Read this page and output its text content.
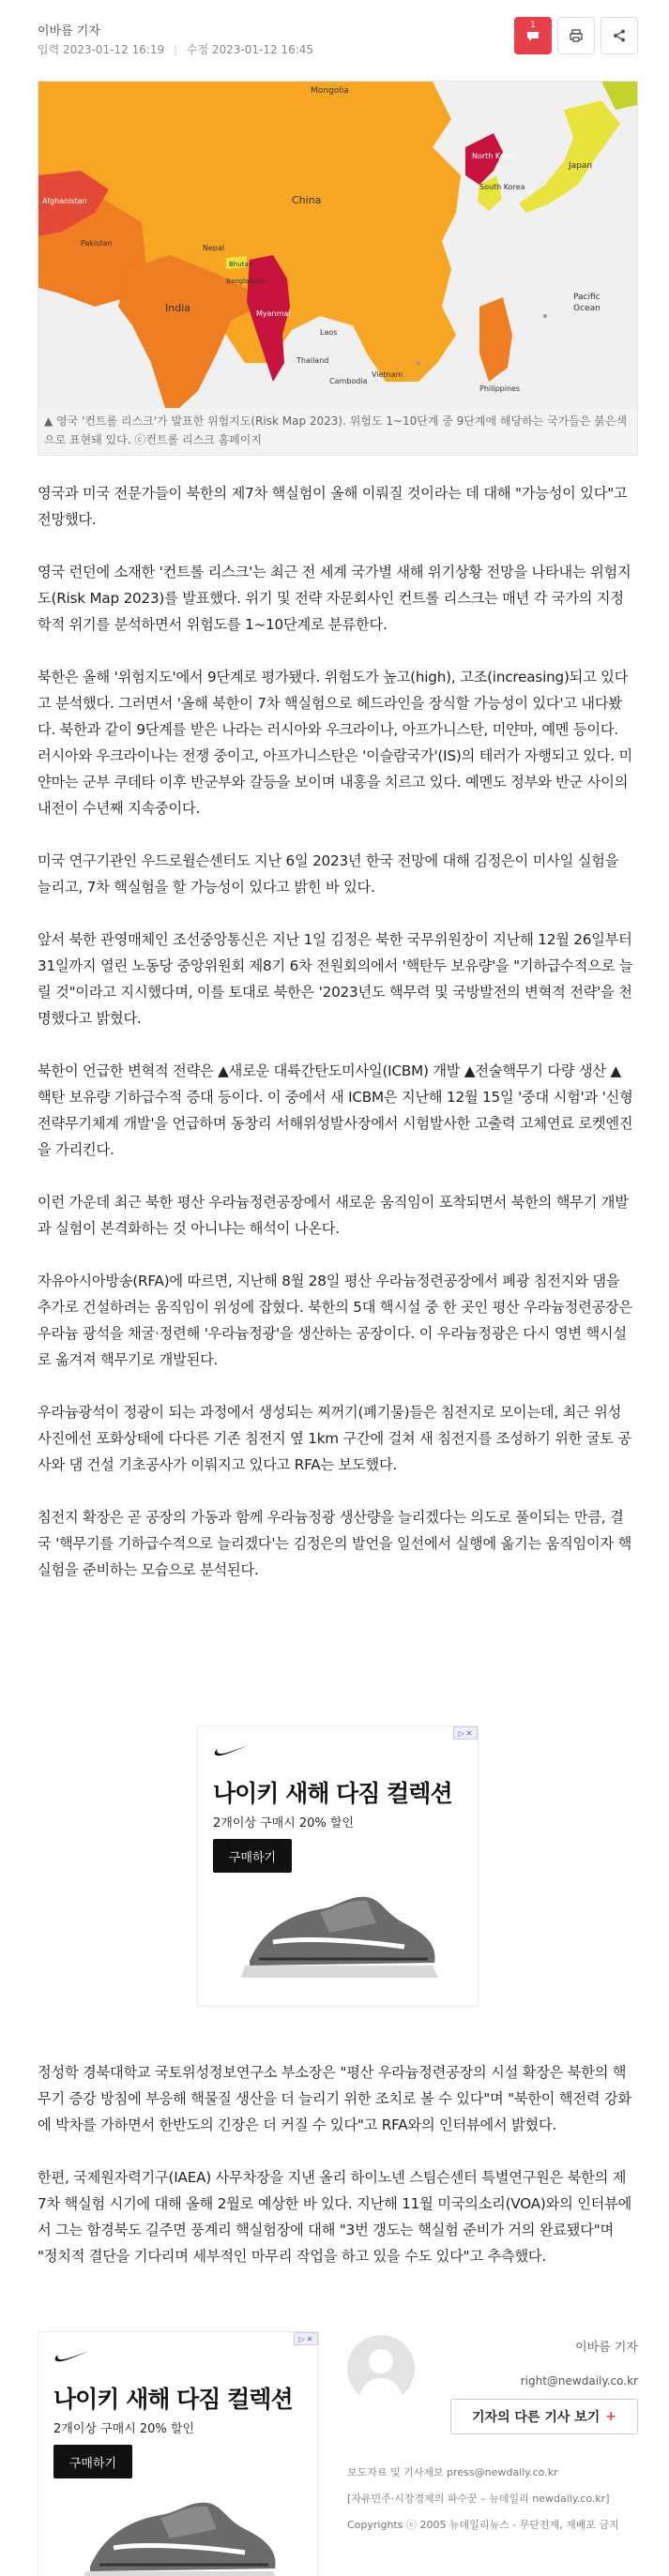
이바름 기자
입력 2023-01-12 16:19 | 수정 2023-01-12 16:45
1
Mongolia
China
North Korea
South Korea
Japan
Afghanistan
Pakistan
Nepal
Bhutan
Bangladesh
India	Myanmar
Laos
Thailand
Cambodia
Vietnam
Philippines
Pacific
Ocean
▲ 영국 '컨트롤 리스크'가 발표한 위험지도(Risk Map 2023). 위험도 1~10단계 중 9단계에 해당하는 국가들은 붉은색으로 표현돼 있다. ⓒ컨트롤 리스크 홈페이지

영국과 미국 전문가들이 북한의 제7차 핵실험이 올해 이뤄질 것이라는 데 대해 "가능성이 있다"고 전망했다.

영국 런던에 소재한 '컨트롤 리스크'는 최근 전 세계 국가별 새해 위기상황 전망을 나타내는 위험지도(Risk Map 2023)를 발표했다. 위기 및 전략 자문회사인 컨트롤 리스크는 매년 각 국가의 지정학적 위기를 분석하면서 위험도를 1~10단계로 분류한다.

북한은 올해 '위험지도'에서 9단계로 평가됐다. 위험도가 높고(high), 고조(increasing)되고 있다고 분석했다. 그러면서 '올해 북한이 7차 핵실험으로 헤드라인을 장식할 가능성이 있다'고 내다봤다. 북한과 같이 9단계를 받은 나라는 러시아와 우크라이나, 아프가니스탄, 미얀마, 예멘 등이다. 러시아와 우크라이나는 전쟁 중이고, 아프가니스탄은 '이슬람국가'(IS)의 테러가 자행되고 있다. 미얀마는 군부 쿠데타 이후 반군부와 갈등을 보이며 내홍을 치르고 있다. 예멘도 정부와 반군 사이의 내전이 수년째 지속중이다.

미국 연구기관인 우드로윌슨센터도 지난 6일 2023년 한국 전망에 대해 김정은이 미사일 실험을 늘리고, 7차 핵실험을 할 가능성이 있다고 밝힌 바 있다.

앞서 북한 관영매체인 조선중앙통신은 지난 1일 김정은 북한 국무위원장이 지난해 12월 26일부터 31일까지 열린 노동당 중앙위원회 제8기 6차 전원회의에서 '핵탄두 보유량'을 "기하급수적으로 늘릴 것"이라고 지시했다며, 이를 토대로 북한은 '2023년도 핵무력 및 국방발전의 변혁적 전략'을 천명했다고 밝혔다.

북한이 언급한 변혁적 전략은 ▲새로운 대륙간탄도미사일(ICBM) 개발 ▲전술핵무기 다량 생산 ▲핵탄 보유량 기하급수적 증대 등이다. 이 중에서 새 ICBM은 지난해 12월 15일 '중대 시험'과 '신형 전략무기체계 개발'을 언급하며 동창리 서해위성발사장에서 시험발사한 고출력 고체연료 로켓엔진을 가리킨다.

이런 가운데 최근 북한 평산 우라늄정련공장에서 새로운 움직임이 포착되면서 북한의 핵무기 개발과 실험이 본격화하는 것 아니냐는 해석이 나온다.

자유아시아방송(RFA)에 따르면, 지난해 8월 28일 평산 우라늄정련공장에서 폐광 침전지와 댐을 추가로 건설하려는 움직임이 위성에 잡혔다. 북한의 5대 핵시설 중 한 곳인 평산 우라늄정련공장은 우라늄 광석을 채굴·정련해 '우라늄정광'을 생산하는 공장이다. 이 우라늄정광은 다시 영변 핵시설로 옮겨져 핵무기로 개발된다.

우라늄광석이 정광이 되는 과정에서 생성되는 찌꺼기(폐기물)들은 침전지로 모이는데, 최근 위성사진에선 포화상태에 다다른 기존 침전지 옆 1km 구간에 걸쳐 새 침전지를 조성하기 위한 굴토 공사와 댐 건설 기초공사가 이뤄지고 있다고 RFA는 보도했다.

침전지 확장은 곧 공장의 가동과 함께 우라늄정광 생산량을 늘리겠다는 의도로 풀이되는 만큼, 결국 '핵무기를 기하급수적으로 늘리겠다'는 김정은의 발언을 일선에서 실행에 옮기는 움직임이자 핵실험을 준비하는 모습으로 분석된다.

▷ ✕
나이키 새해 다짐 컬렉션
2개이상 구매시 20% 할인
구매하기

정성학 경북대학교 국토위성정보연구소 부소장은 "평산 우라늄정련공장의 시설 확장은 북한의 핵무기 증강 방침에 부응해 핵물질 생산을 더 늘리기 위한 조치로 볼 수 있다"며 "북한이 핵전력 강화에 박차를 가하면서 한반도의 긴장은 더 커질 수 있다"고 RFA와의 인터뷰에서 밝혔다.

한편, 국제원자력기구(IAEA) 사무차장을 지낸 올리 하이노넨 스팀슨센터 특별연구원은 북한의 제7차 핵실험 시기에 대해 올해 2월로 예상한 바 있다. 지난해 11월 미국의소리(VOA)와의 인터뷰에서 그는 함경북도 길주면 풍계리 핵실험장에 대해 "3번 갱도는 핵실험 준비가 거의 완료됐다"며 "정치적 결단을 기다리며 세부적인 마무리 작업을 하고 있을 수도 있다"고 추측했다.

▷ ✕
나이키 새해 다짐 컬렉션
2개이상 구매시 20% 할인
구매하기
이바름 기자
right@newdaily.co.kr
기자의 다른 기사 보기 +
보도자료 및 기사제보 press@newdaily.co.kr
[자유민주·시장경제의 파수꾼 – 뉴데일리 newdaily.co.kr]
Copyrights ⓒ 2005 뉴데일리뉴스 - 무단전재, 재배포 금지
